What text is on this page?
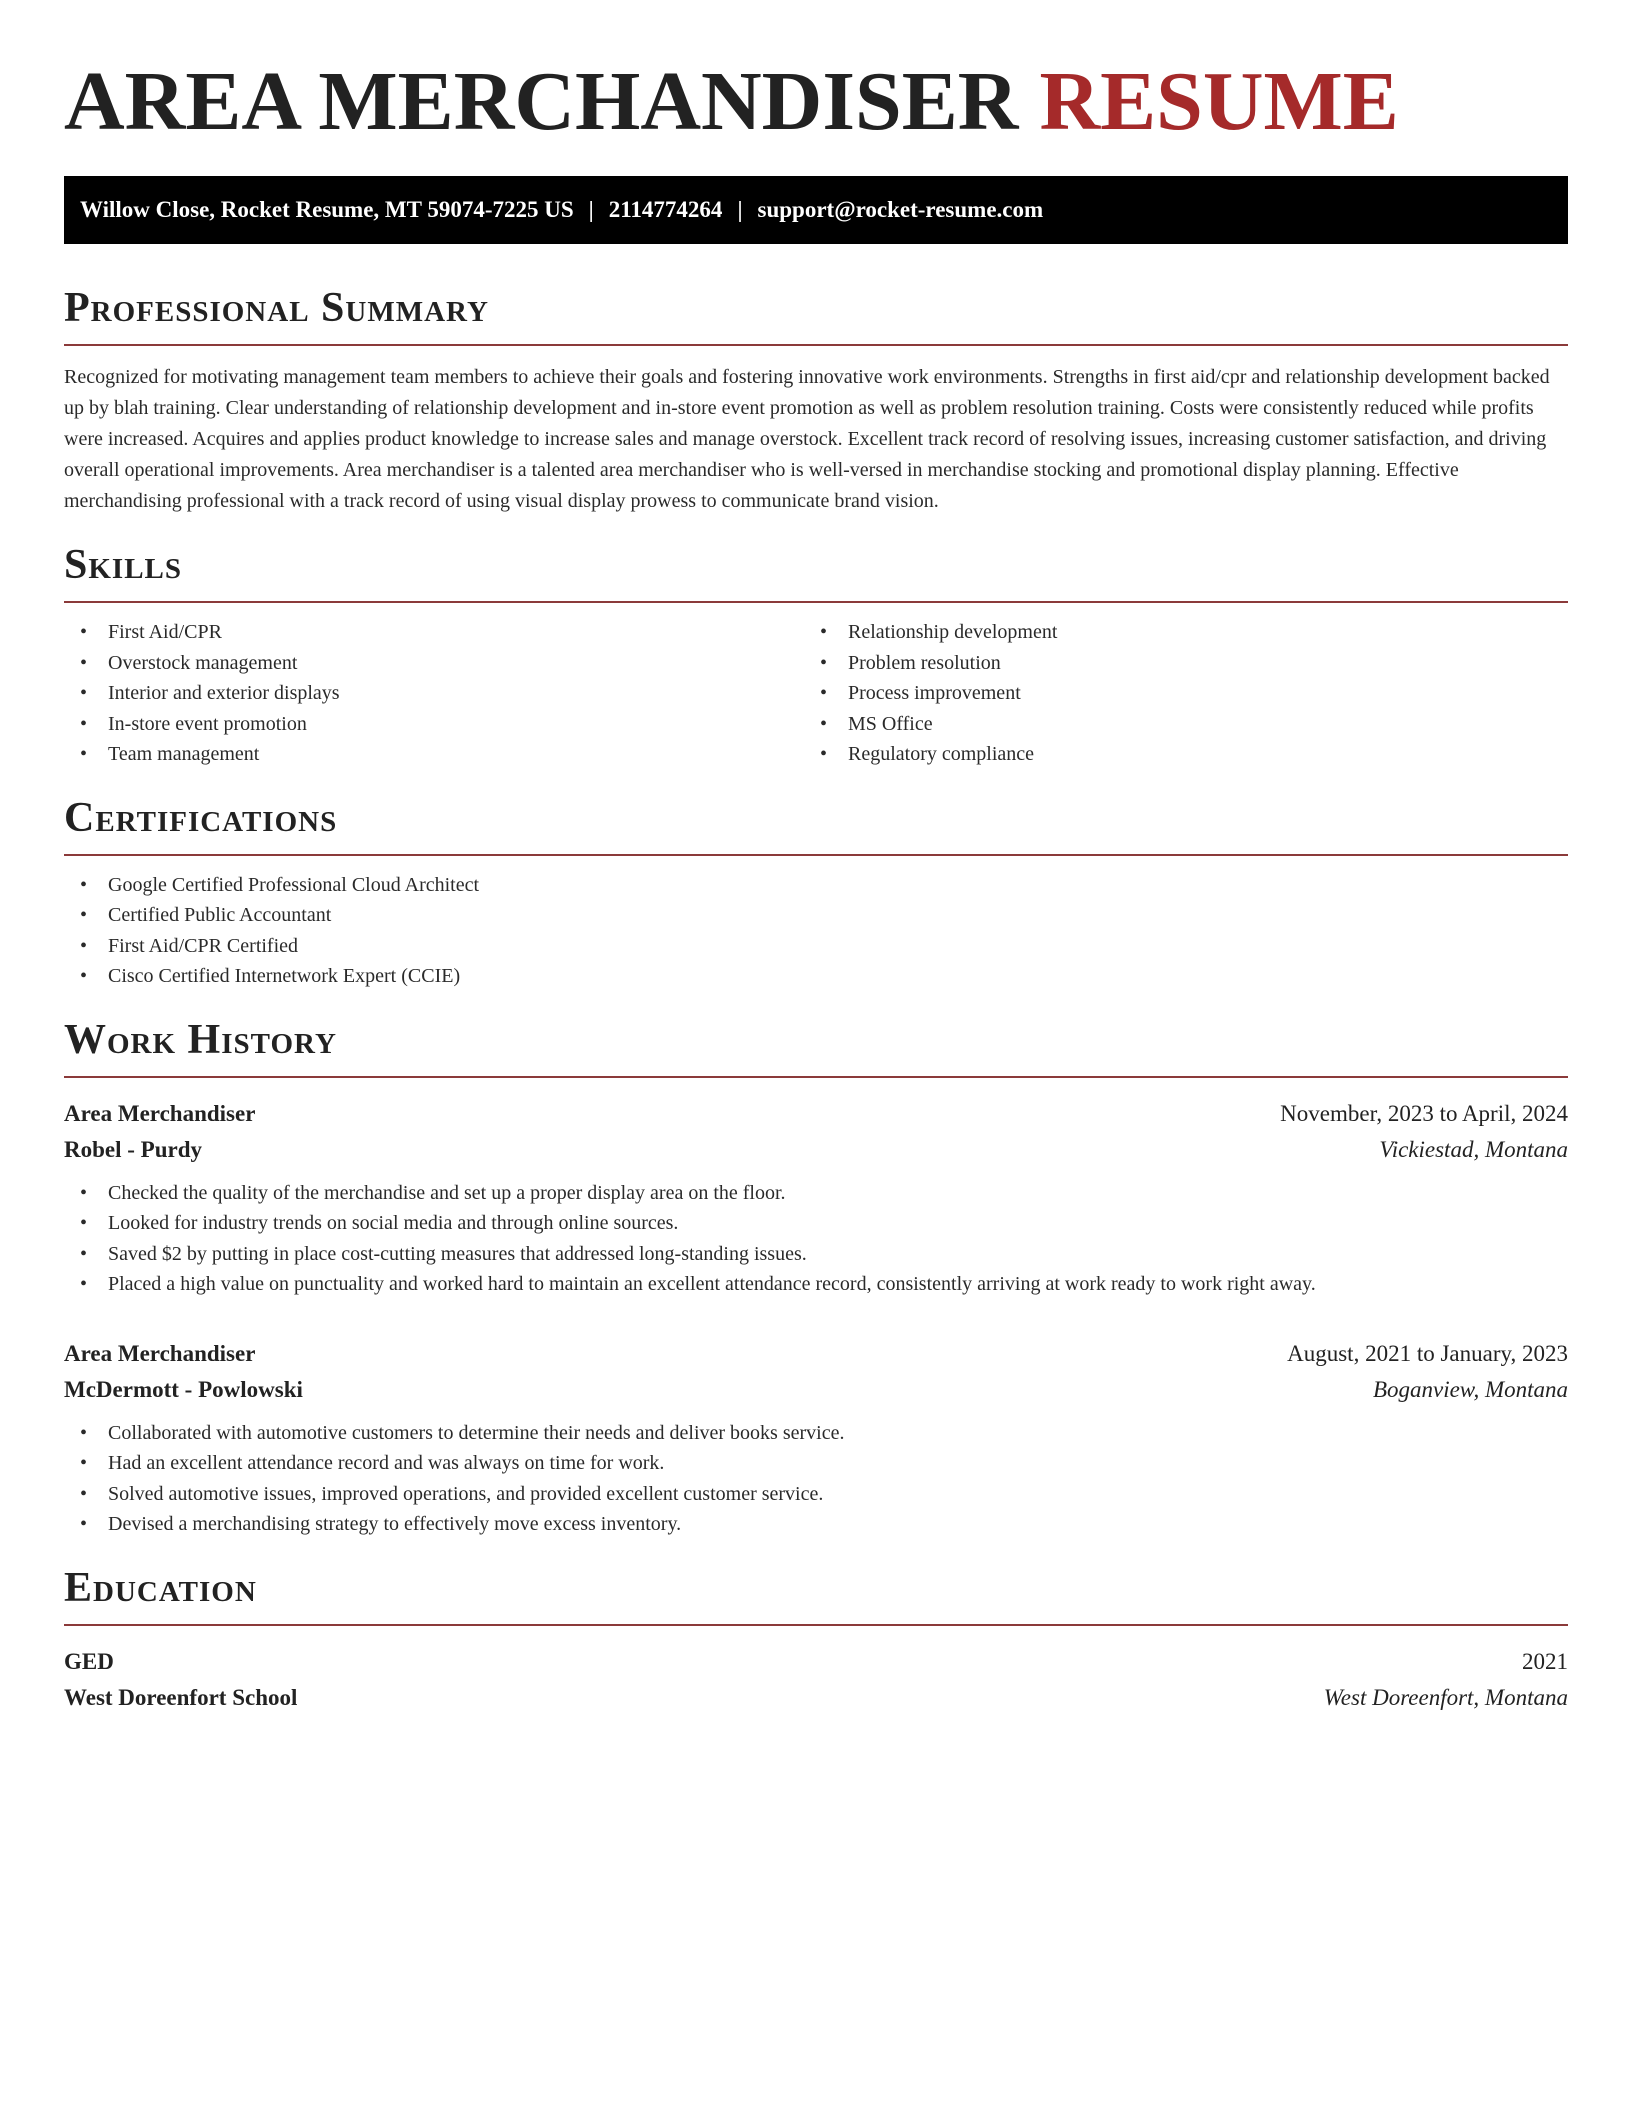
AREA MERCHANDISER RESUME
Willow Close, Rocket Resume, MT 59074-7225 US | 2114774264 | support@rocket-resume.com
Professional Summary

Recognized for motivating management team members to achieve their goals and fostering innovative work environments. Strengths in first aid/cpr and relationship development backed up by blah training. Clear understanding of relationship development and in-store event promotion as well as problem resolution training. Costs were consistently reduced while profits were increased. Acquires and applies product knowledge to increase sales and manage overstock. Excellent track record of resolving issues, increasing customer satisfaction, and driving overall operational improvements. Area merchandiser is a talented area merchandiser who is well-versed in merchandise stocking and promotional display planning. Effective merchandising professional with a track record of using visual display prowess to communicate brand vision.

Skills
• First Aid/CPR
• Overstock management
• Interior and exterior displays
• In-store event promotion
• Team management
• Relationship development
• Problem resolution
• Process improvement
• MS Office
• Regulatory compliance
Certifications
• Google Certified Professional Cloud Architect
• Certified Public Accountant
• First Aid/CPR Certified
• Cisco Certified Internetwork Expert (CCIE)
Work History
Area Merchandiser	November, 2023 to April, 2024
Robel - Purdy	Vickiestad, Montana
• Checked the quality of the merchandise and set up a proper display area on the floor.
• Looked for industry trends on social media and through online sources.
• Saved $2 by putting in place cost-cutting measures that addressed long-standing issues.
• Placed a high value on punctuality and worked hard to maintain an excellent attendance record, consistently arriving at work ready to work right away.
Area Merchandiser	August, 2021 to January, 2023
McDermott - Powlowski	Boganview, Montana
• Collaborated with automotive customers to determine their needs and deliver books service.
• Had an excellent attendance record and was always on time for work.
• Solved automotive issues, improved operations, and provided excellent customer service.
• Devised a merchandising strategy to effectively move excess inventory.
Education
GED	2021
West Doreenfort School	West Doreenfort, Montana
